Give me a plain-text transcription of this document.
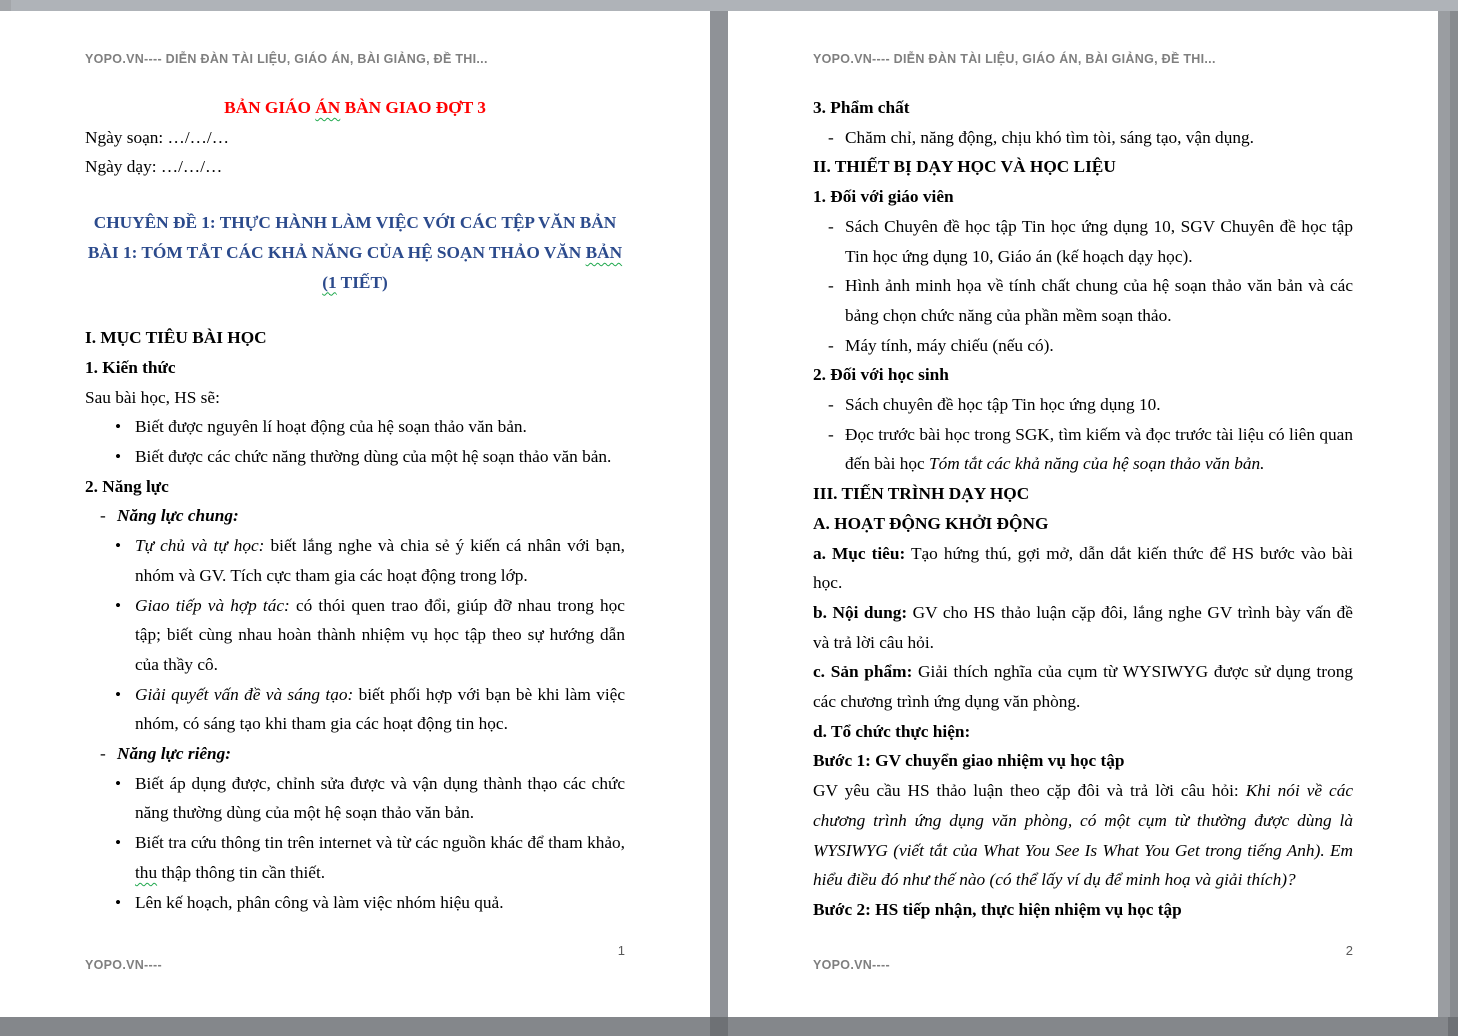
YOPO.VN---- DIỄN ĐÀN TÀI LIỆU, GIÁO ÁN, BÀI GIẢNG, ĐỀ THI...
BẢN GIÁO ÁN BÀN GIAO ĐỢT 3
Ngày soạn: …/…/…
Ngày dạy: …/…/…
CHUYÊN ĐỀ 1: THỰC HÀNH LÀM VIỆC VỚI CÁC TỆP VĂN BẢN
BÀI 1: TÓM TẮT CÁC KHẢ NĂNG CỦA HỆ SOẠN THẢO VĂN BẢN
(1 TIẾT)
I. MỤC TIÊU BÀI HỌC
1. Kiến thức
Sau bài học, HS sẽ:
• Biết được nguyên lí hoạt động của hệ soạn thảo văn bản.
• Biết được các chức năng thường dùng của một hệ soạn thảo văn bản.
2. Năng lực
- Năng lực chung:
• Tự chủ và tự học: biết lắng nghe và chia sẻ ý kiến cá nhân với bạn, nhóm và GV. Tích cực tham gia các hoạt động trong lớp.
• Giao tiếp và hợp tác: có thói quen trao đổi, giúp đỡ nhau trong học tập; biết cùng nhau hoàn thành nhiệm vụ học tập theo sự hướng dẫn của thầy cô.
• Giải quyết vấn đề và sáng tạo: biết phối hợp với bạn bè khi làm việc nhóm, có sáng tạo khi tham gia các hoạt động tin học.
- Năng lực riêng:
• Biết áp dụng được, chỉnh sửa được và vận dụng thành thạo các chức năng thường dùng của một hệ soạn thảo văn bản.
• Biết tra cứu thông tin trên internet và từ các nguồn khác để tham khảo, thu thập thông tin cần thiết.
• Lên kế hoạch, phân công và làm việc nhóm hiệu quả.
1
YOPO.VN----
YOPO.VN---- DIỄN ĐÀN TÀI LIỆU, GIÁO ÁN, BÀI GIẢNG, ĐỀ THI...
3. Phẩm chất
- Chăm chỉ, năng động, chịu khó tìm tòi, sáng tạo, vận dụng.
II. THIẾT BỊ DẠY HỌC VÀ HỌC LIỆU
1. Đối với giáo viên
- Sách Chuyên đề học tập Tin học ứng dụng 10, SGV Chuyên đề học tập Tin học ứng dụng 10, Giáo án (kế hoạch dạy học).
- Hình ảnh minh họa về tính chất chung của hệ soạn thảo văn bản và các bảng chọn chức năng của phần mềm soạn thảo.
- Máy tính, máy chiếu (nếu có).
2. Đối với học sinh
- Sách chuyên đề học tập Tin học ứng dụng 10.
- Đọc trước bài học trong SGK, tìm kiếm và đọc trước tài liệu có liên quan đến bài học Tóm tắt các khả năng của hệ soạn thảo văn bản.
III. TIẾN TRÌNH DẠY HỌC
A. HOẠT ĐỘNG KHỞI ĐỘNG
a. Mục tiêu: Tạo hứng thú, gợi mở, dẫn dắt kiến thức để HS bước vào bài học.
b. Nội dung: GV cho HS thảo luận cặp đôi, lắng nghe GV trình bày vấn đề và trả lời câu hỏi.
c. Sản phẩm: Giải thích nghĩa của cụm từ WYSIWYG được sử dụng trong các chương trình ứng dụng văn phòng.
d. Tổ chức thực hiện:
Bước 1: GV chuyển giao nhiệm vụ học tập
GV yêu cầu HS thảo luận theo cặp đôi và trả lời câu hỏi: Khi nói về các chương trình ứng dụng văn phòng, có một cụm từ thường được dùng là WYSIWYG (viết tắt của What You See Is What You Get trong tiếng Anh). Em hiểu điều đó như thế nào (có thể lấy ví dụ để minh hoạ và giải thích)?
Bước 2: HS tiếp nhận, thực hiện nhiệm vụ học tập
2
YOPO.VN----
